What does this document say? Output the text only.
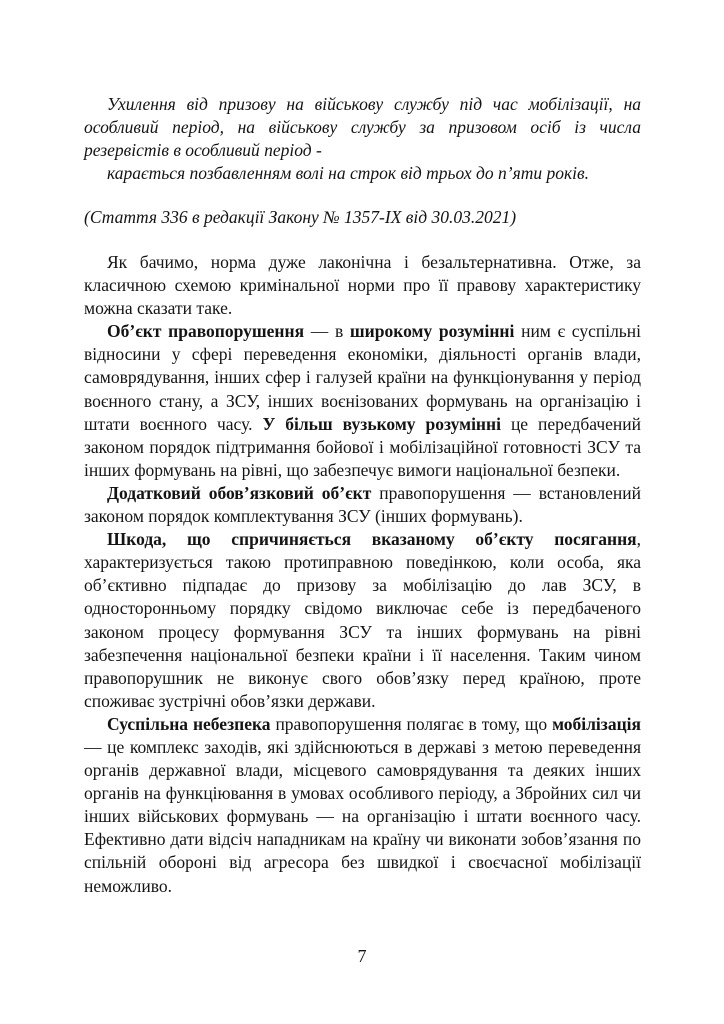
Ухилення від призову на військову службу під час мобілізації, на

особливий період, на військову службу за призовом осіб із числа

резервістів в особливий період -

карається позбавленням волі на строк від трьох до п’яти років.

(Стаття 336 в редакції Закону № 1357-IX від 30.03.2021)

Як бачимо, норма дуже лаконічна і безальтернативна. Отже, за класичною схемою кримінальної норми про її правову характеристику можна сказати таке.

Об’єкт правопорушення — в широкому розумінні ним є суспільні відносини у сфері переведення економіки, діяльності органів влади, самоврядування, інших сфер і галузей країни на функціонування у період воєнного стану, а ЗСУ, інших воєнізованих формувань на організацію і штати воєнного часу. У більш вузькому розумінні це передбачений законом порядок підтримання бойової і мобілізаційної готовності ЗСУ та інших формувань на рівні, що забезпечує вимоги національної безпеки.

Додатковий обов’язковий об’єкт правопорушення — встановлений законом порядок комплектування ЗСУ (інших формувань).

Шкода, що спричиняється вказаному об’єкту посягання, характеризується такою протиправною поведінкою, коли особа, яка об’єктивно підпадає до призову за мобілізацію до лав ЗСУ, в односторонньому порядку свідомо виключає себе із передбаченого законом процесу формування ЗСУ та інших формувань на рівні забезпечення національної безпеки країни і її населення. Таким чином правопорушник не виконує свого обов’язку перед країною, проте споживає зустрічні обов’язки держави.

Суспільна небезпека правопорушення полягає в тому, що мобілізація — це комплекс заходів, які здійснюються в державі з метою переведення органів державної влади, місцевого самоврядування та деяких інших органів на функціювання в умовах особливого періоду, а Збройних сил чи інших військових формувань — на організацію і штати воєнного часу. Ефективно дати відсіч нападникам на країну чи виконати зобов’язання по спільній обороні від агресора без швидкої і своєчасної мобілізації неможливо.

7
